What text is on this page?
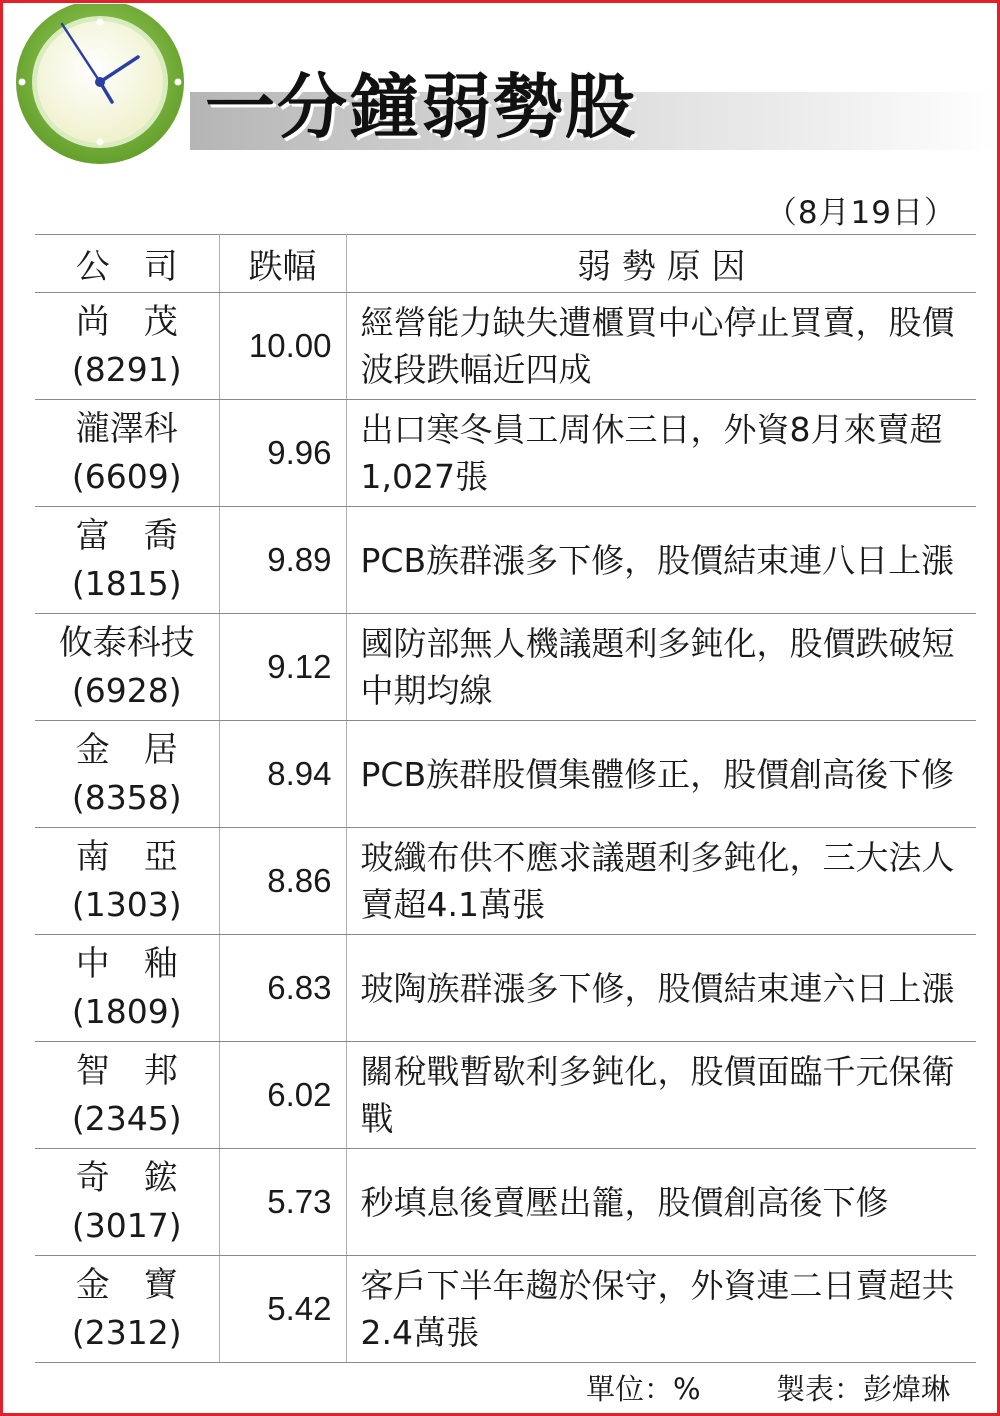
一分鐘弱勢股
（8月19日）
公　司	跌幅	弱 勢 原 因

尚　茂
(8291)	10.00	經營能力缺失遭櫃買中心停止買賣，股價波段跌幅近四成

瀧澤科
(6609)	9.96	出口寒冬員工周休三日，外資8月來賣超1,027張

富　喬
(1815)	9.89	PCB族群漲多下修，股價結束連八日上漲

攸泰科技
(6928)	9.12	國防部無人機議題利多鈍化，股價跌破短中期均線

金　居
(8358)	8.94	PCB族群股價集體修正，股價創高後下修

南　亞
(1303)	8.86	玻纖布供不應求議題利多鈍化，三大法人賣超4.1萬張

中　釉
(1809)	6.83	玻陶族群漲多下修，股價結束連六日上漲

智　邦
(2345)	6.02	關稅戰暫歇利多鈍化，股價面臨千元保衛戰

奇　鋐
(3017)	5.73	秒填息後賣壓出籠，股價創高後下修

金　寶
(2312)	5.42	客戶下半年趨於保守，外資連二日賣超共2.4萬張
單位：%	製表：彭煒琳
